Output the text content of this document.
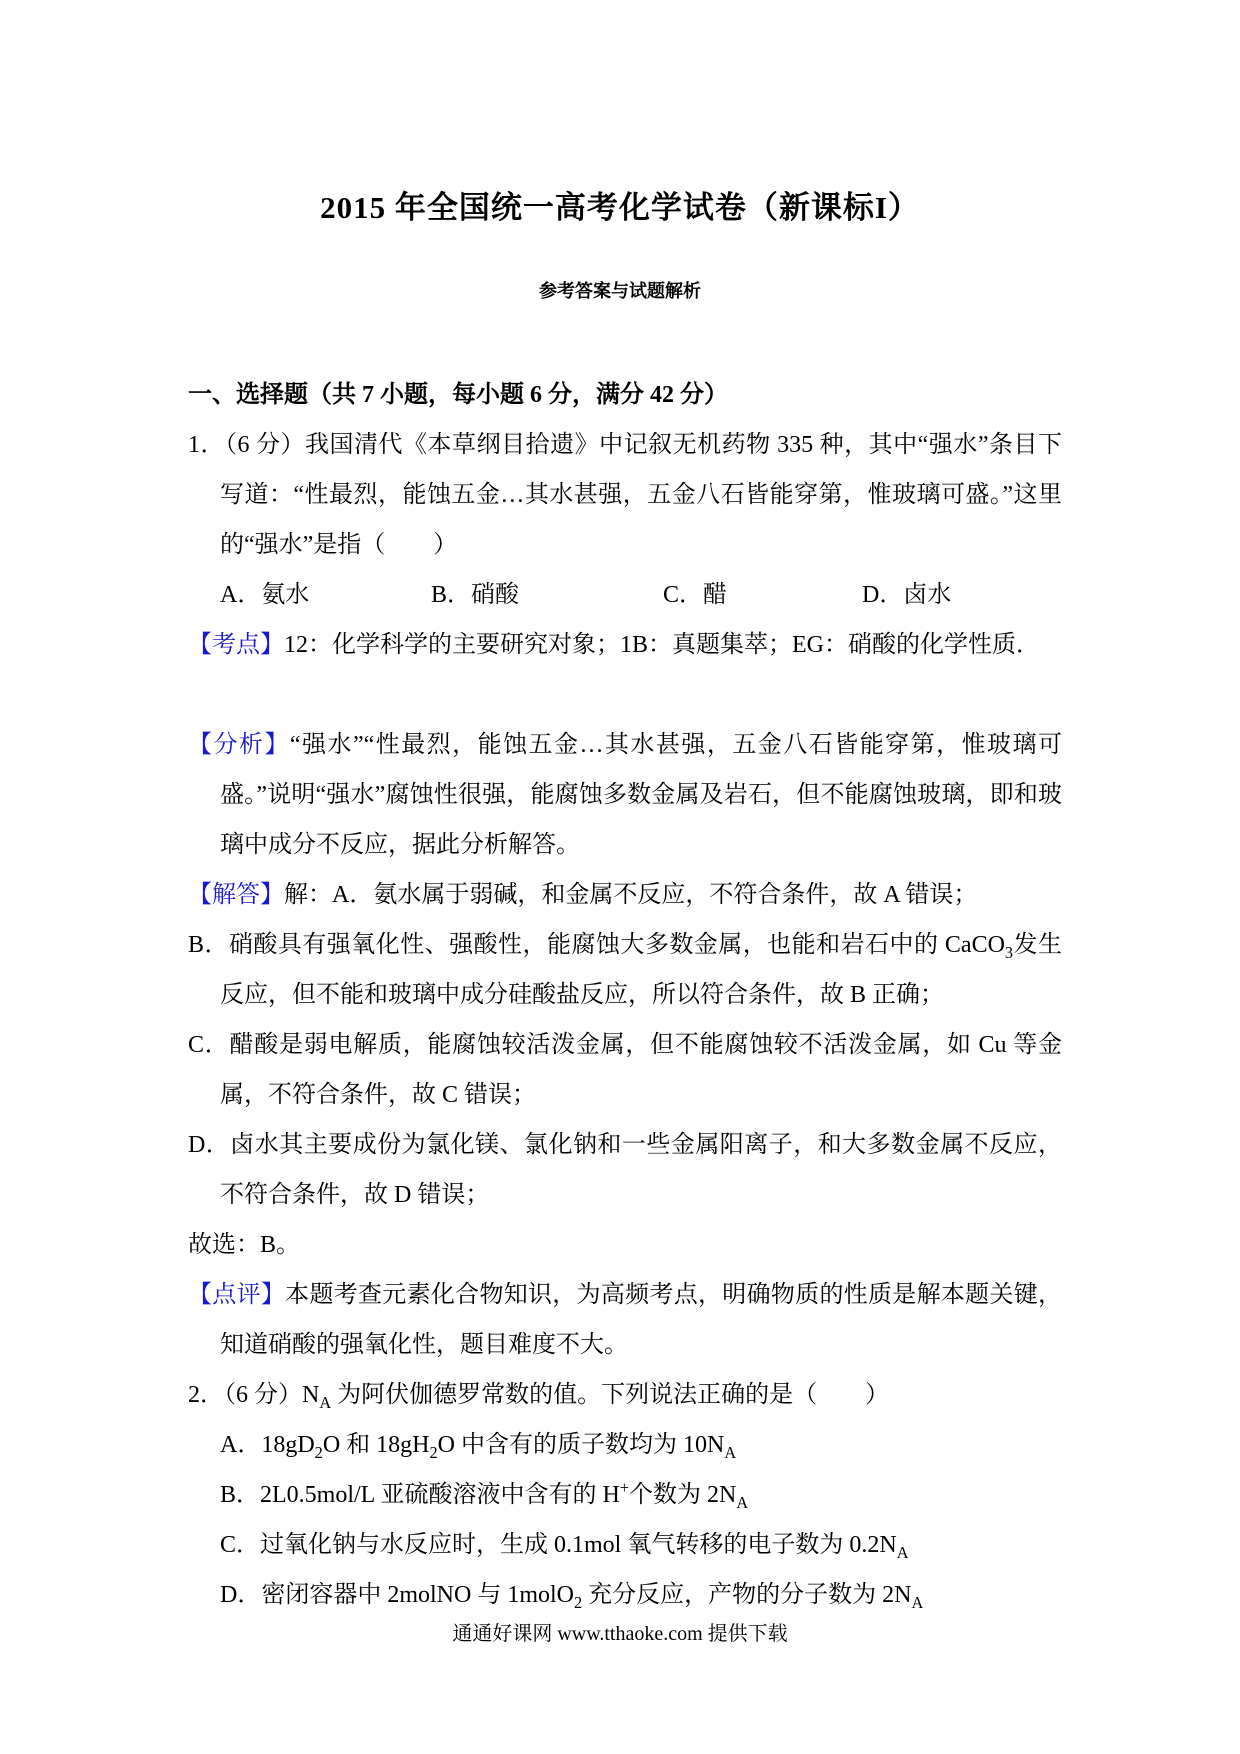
2015 年全国统一高考化学试卷（新课标I）
参考答案与试题解析

一、选择题（共 7 小题，每小题 6 分，满分 42 分）

1．（6 分）我国清代《本草纲目拾遗》中记叙无机药物 335 种，其中“强水”条目下写道：“性最烈，能蚀五金…其水甚强，五金八石皆能穿第，惟玻璃可盛。”这里的“强水”是指（　　）

A．氨水	B．硝酸	C．醋	D．卤水

【考点】12：化学科学的主要研究对象；1B：真题集萃；EG：硝酸的化学性质．

【分析】“强水”“性最烈，能蚀五金…其水甚强，五金八石皆能穿第，惟玻璃可盛。”说明“强水”腐蚀性很强，能腐蚀多数金属及岩石，但不能腐蚀玻璃，即和玻璃中成分不反应，据此分析解答。

【解答】解：A．氨水属于弱碱，和金属不反应，不符合条件，故 A 错误；

B．硝酸具有强氧化性、强酸性，能腐蚀大多数金属，也能和岩石中的 CaCO$_3$发生反应，但不能和玻璃中成分硅酸盐反应，所以符合条件，故 B 正确；

C．醋酸是弱电解质，能腐蚀较活泼金属，但不能腐蚀较不活泼金属，如 Cu 等金属，不符合条件，故 C 错误；

D．卤水其主要成份为氯化镁、氯化钠和一些金属阳离子，和大多数金属不反应，不符合条件，故 D 错误；

故选：B。

【点评】本题考查元素化合物知识，为高频考点，明确物质的性质是解本题关键，知道硝酸的强氧化性，题目难度不大。

2．（6 分）$N_A$ 为阿伏伽德罗常数的值。下列说法正确的是（　　）

A．$18gD_2O$ 和 $18gH_2O$ 中含有的质子数均为 $10N_A$

B．2L0.5mol/L 亚硫酸溶液中含有的 H+个数为 $2N_A$

C．过氧化钠与水反应时，生成 0.1mol 氧气转移的电子数为 $0.2N_A$

D．密闭容器中 2molNO 与 1molO$_2$ 充分反应，产物的分子数为 $2N_A$

通通好课网 www.tthaoke.com 提供下载
